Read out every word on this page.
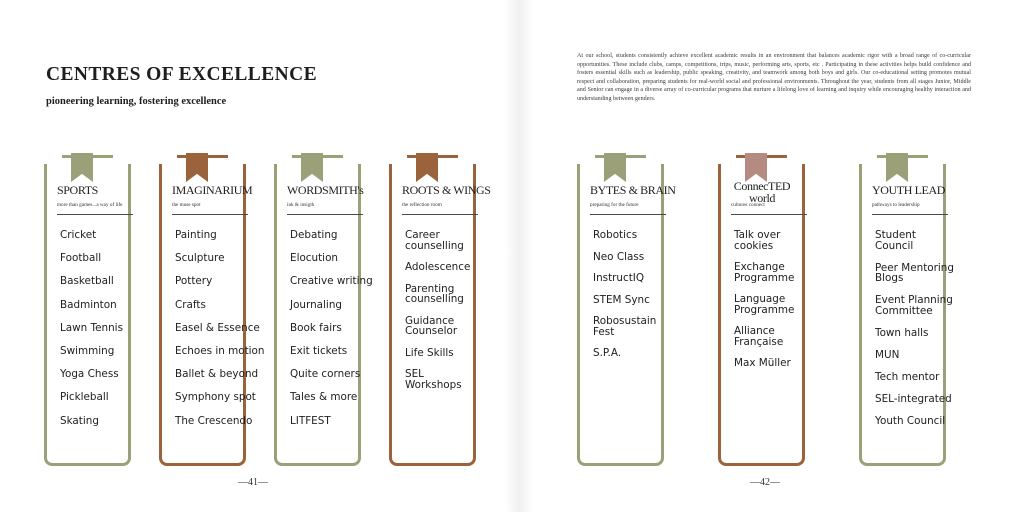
CENTRES OF EXCELLENCE
pioneering learning, fostering excellence

At our school, students consistently achieve excellent academic results in an environment that balances academic rigor with a broad range of co-curricular opportunities. These include clubs, camps, competitions, trips, music, performing arts, sports, etc . Participating in these activities helps build confidence and fosters essential skills such as leadership, public speaking, creativity, and teamwork among both boys and girls. Our co-educational setting promotes mutual respect and collaboration, preparing students for real-world social and professional environments. Throughout the year, students from all stages Junior, Middle and Senior can engage in a diverse array of co-curricular programs that nurture a lifelong love of learning and inquiry while encouraging healthy interaction and understanding between genders.

SPORTS
more than games...a way of life
Cricket
Football
Basketball
Badminton
Lawn Tennis
Swimming
Yoga Chess
Pickleball
Skating
IMAGINARIUM
the muse spot
Painting
Sculpture
Pottery
Crafts
Easel & Essence
Echoes in motion
Ballet & beyond
Symphony spot
The Crescendo
WORDSMITH's
ink & insigth
Debating
Elocution
Creative writing
Journaling
Book fairs
Exit tickets
Quite corners
Tales & more
LITFEST
ROOTS & WINGS
the reflection room
Career counselling
Adolescence
Parenting counselling
Guidance Counselor
Life Skills
SEL Workshops
BYTES & BRAIN
preparing for the future
Robotics
Neo Class
InstructIQ
STEM Sync
Robosustain Fest
S.P.A.
ConnecTED world
cultures connect
Talk over cookies
Exchange Programme
Language Programme
Alliance Française
Max Müller
YOUTH LEAD
pathways to leadership
Student Council
Peer Mentoring Blogs
Event Planning Committee
Town halls
MUN
Tech mentor
SEL-integrated
Youth Council
—41—	—42—
